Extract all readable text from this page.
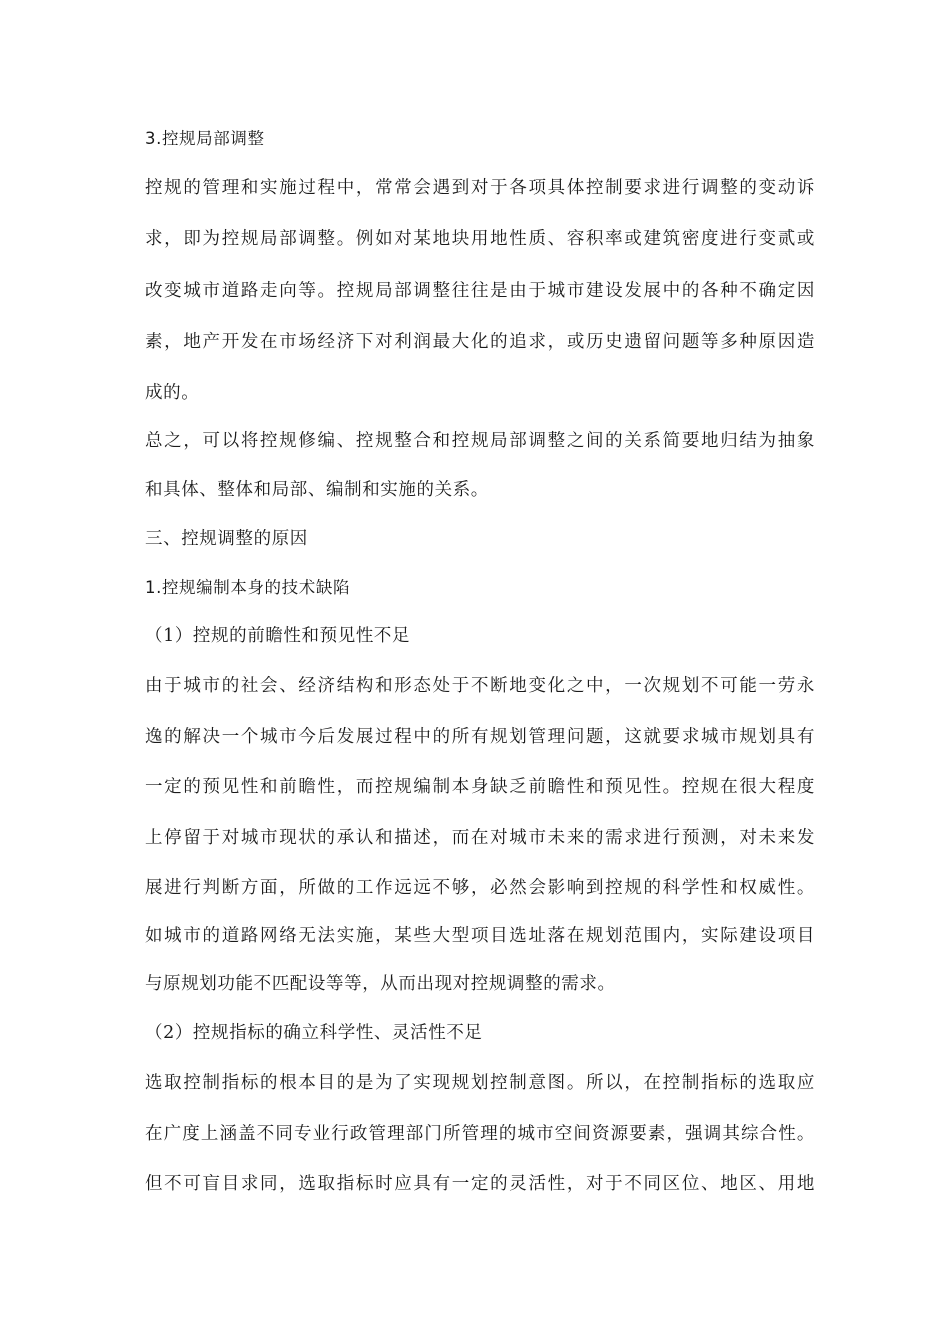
3.控规局部调整
控规的管理和实施过程中，常常会遇到对于各项具体控制要求进行调整的变动诉
求，即为控规局部调整。例如对某地块用地性质、容积率或建筑密度进行变贰或
改变城市道路走向等。控规局部调整往往是由于城市建设发展中的各种不确定因
素，地产开发在市场经济下对利润最大化的追求，或历史遗留问题等多种原因造
成的。
总之，可以将控规修编、控规整合和控规局部调整之间的关系简要地归结为抽象
和具体、整体和局部、编制和实施的关系。
三、控规调整的原因
1.控规编制本身的技术缺陷
（1）控规的前瞻性和预见性不足
由于城市的社会、经济结构和形态处于不断地变化之中，一次规划不可能一劳永
逸的解决一个城市今后发展过程中的所有规划管理问题，这就要求城市规划具有
一定的预见性和前瞻性，而控规编制本身缺乏前瞻性和预见性。控规在很大程度
上停留于对城市现状的承认和描述，而在对城市未来的需求进行预测，对未来发
展进行判断方面，所做的工作远远不够，必然会影响到控规的科学性和权威性。
如城市的道路网络无法实施，某些大型项目选址落在规划范围内，实际建设项目
与原规划功能不匹配设等等，从而出现对控规调整的需求。
（2）控规指标的确立科学性、灵活性不足
选取控制指标的根本目的是为了实现规划控制意图。所以，在控制指标的选取应
在广度上涵盖不同专业行政管理部门所管理的城市空间资源要素，强调其综合性。
但不可盲目求同，选取指标时应具有一定的灵活性，对于不同区位、地区、用地
